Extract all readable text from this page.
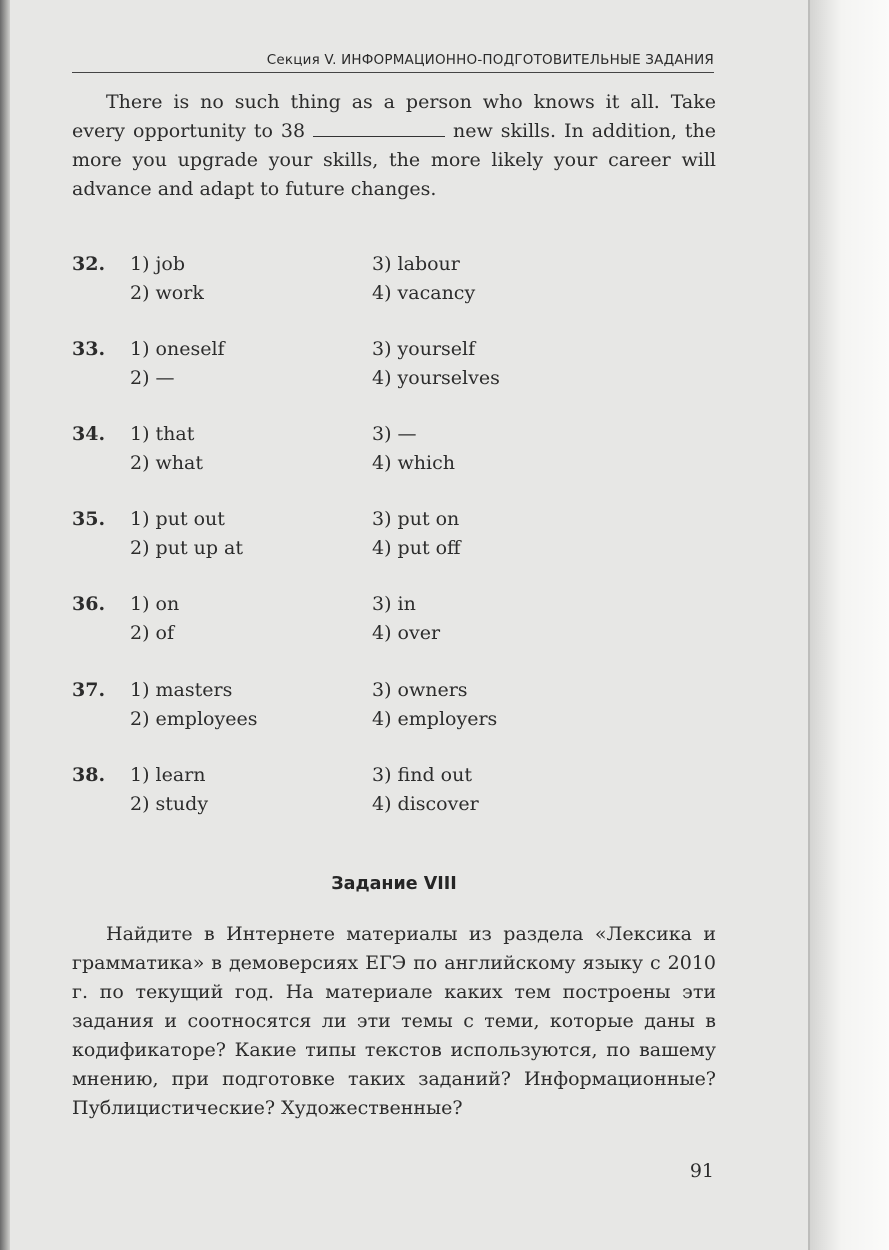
Секция V. ИНФОРМАЦИОННО-ПОДГОТОВИТЕЛЬНЫЕ ЗАДАНИЯ

There is no such thing as a person who knows it all. Take every opportunity to 38	new skills. In addition, the more you upgrade your skills, the more likely your career will advance and adapt to future changes.

32. 1) job
2) work
3) labour
4) vacancy
33. 1) oneself
2) —
3) yourself
4) yourselves
34. 1) that
2) what
3) —
4) which
35. 1) put out
2) put up at
3) put on
4) put off
36. 1) on
2) of
3) in
4) over
37. 1) masters
2) employees
3) owners
4) employers
38. 1) learn
2) study
3) find out
4) discover
Задание VIII

Найдите в Интернете материалы из раздела «Лексика и грамматика» в демоверсиях ЕГЭ по английскому языку с 2010 г. по текущий год. На материале каких тем построены эти задания и соотносятся ли эти темы с теми, которые даны в кодификаторе? Какие типы текстов используются, по вашему мнению, при подготовке таких заданий? Информационные? Публицистические? Художественные?

91
